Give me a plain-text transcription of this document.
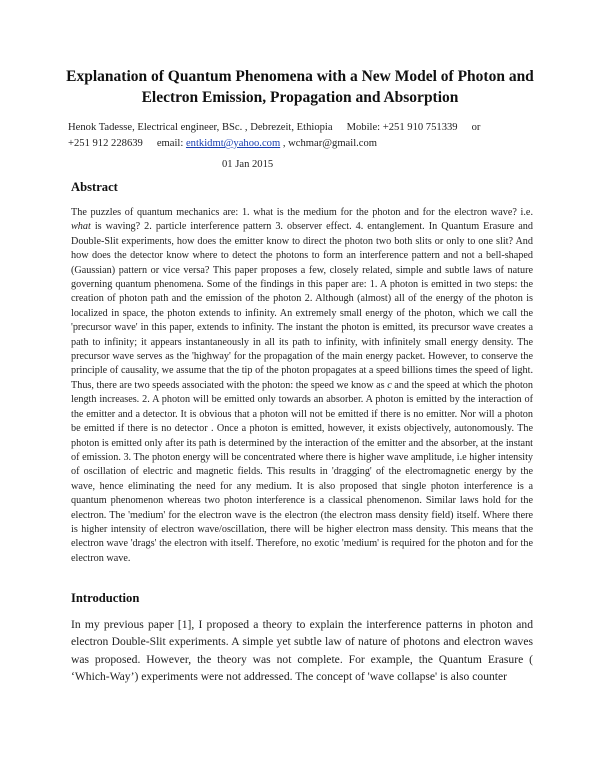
Explanation of Quantum Phenomena with a New Model of Photon and Electron Emission, Propagation and Absorption
Henok Tadesse, Electrical engineer, BSc. , Debrezeit, Ethiopia Mobile: +251 910 751339 or
+251 912 228639 email: entkidmt@yahoo.com , wchmar@gmail.com
01 Jan 2015
Abstract

The puzzles of quantum mechanics are: 1. what is the medium for the photon and for the electron wave? i.e. what is waving? 2. particle interference pattern 3. observer effect. 4. entanglement. In Quantum Erasure and Double-Slit experiments, how does the emitter know to direct the photon two both slits or only to one slit? And how does the detector know where to detect the photons to form an interference pattern and not a bell-shaped (Gaussian) pattern or vice versa? This paper proposes a few, closely related, simple and subtle laws of nature governing quantum phenomena. Some of the findings in this paper are: 1. A photon is emitted in two steps: the creation of photon path and the emission of the photon 2. Although (almost) all of the energy of the photon is localized in space, the photon extends to infinity. An extremely small energy of the photon, which we call the 'precursor wave' in this paper, extends to infinity. The instant the photon is emitted, its precursor wave creates a path to infinity; it appears instantaneously in all its path to infinity, with infinitely small energy density. The precursor wave serves as the 'highway' for the propagation of the main energy packet. However, to conserve the principle of causality, we assume that the tip of the photon propagates at a speed billions times the speed of light. Thus, there are two speeds associated with the photon: the speed we know as c and the speed at which the photon length increases. 2. A photon will be emitted only towards an absorber. A photon is emitted by the interaction of the emitter and a detector. It is obvious that a photon will not be emitted if there is no emitter. Nor will a photon be emitted if there is no detector . Once a photon is emitted, however, it exists objectively, autonomously. The photon is emitted only after its path is determined by the interaction of the emitter and the absorber, at the instant of emission. 3. The photon energy will be concentrated where there is higher wave amplitude, i.e higher intensity of oscillation of electric and magnetic fields. This results in 'dragging' of the electromagnetic energy by the wave, hence eliminating the need for any medium. It is also proposed that single photon interference is a quantum phenomenon whereas two photon interference is a classical phenomenon. Similar laws hold for the electron. The 'medium' for the electron wave is the electron (the electron mass density field) itself. Where there is higher intensity of electron wave/oscillation, there will be higher electron mass density. This means that the electron wave 'drags' the electron with itself. Therefore, no exotic 'medium' is required for the photon and for the electron wave.

Introduction

In my previous paper [1], I proposed a theory to explain the interference patterns in photon and electron Double-Slit experiments. A simple yet subtle law of nature of photons and electron waves was proposed. However, the theory was not complete. For example, the Quantum Erasure ( ‘Which-Way’) experiments were not addressed. The concept of 'wave collapse' is also counter
